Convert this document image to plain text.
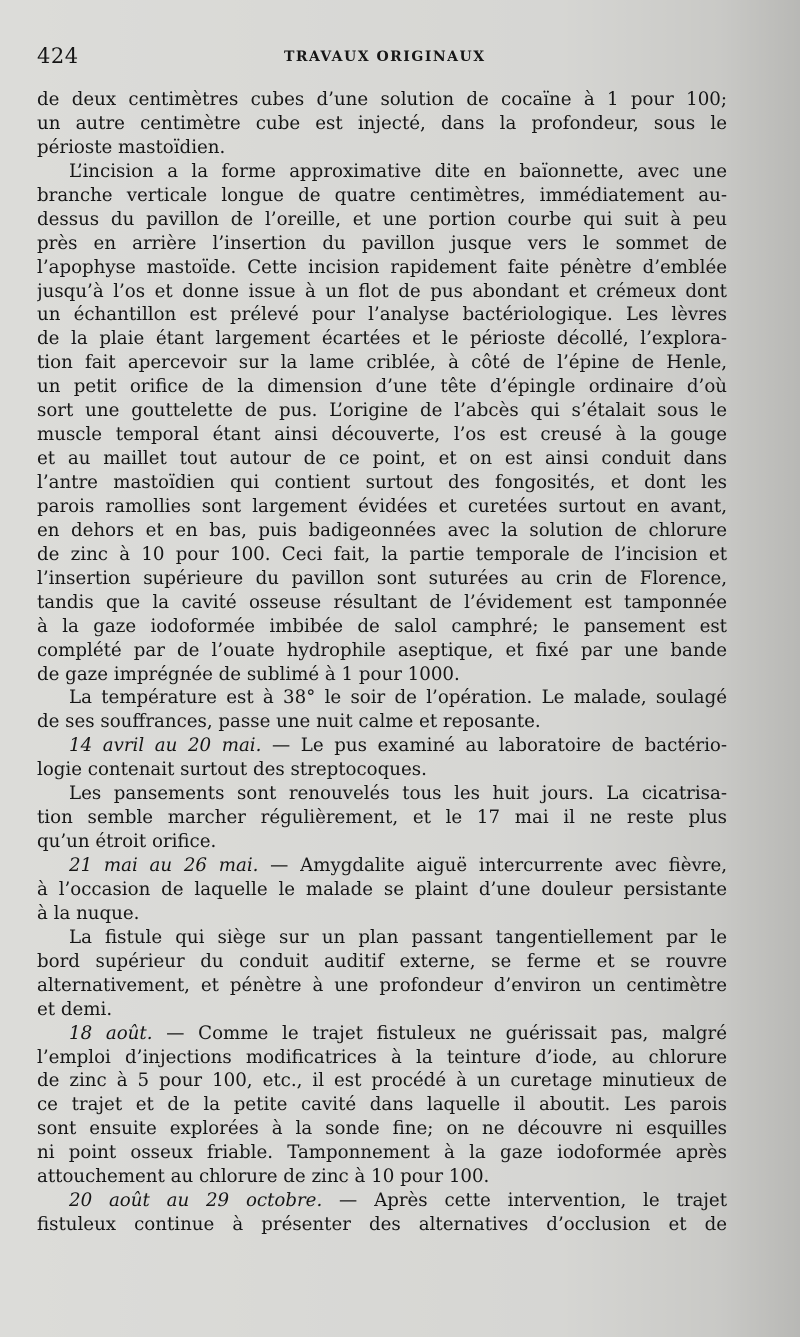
424	TRAVAUX ORIGINAUX
de deux centimètres cubes d’une solution de cocaïne à 1 pour 100;
un autre centimètre cube est injecté, dans la profondeur, sous le
périoste mastoïdien.
L’incision a la forme approximative dite en baïonnette, avec une
branche verticale longue de quatre centimètres, immédiatement au-
dessus du pavillon de l’oreille, et une portion courbe qui suit à peu
près en arrière l’insertion du pavillon jusque vers le sommet de
l’apophyse mastoïde. Cette incision rapidement faite pénètre d’emblée
jusqu’à l’os et donne issue à un flot de pus abondant et crémeux dont
un échantillon est prélevé pour l’analyse bactériologique. Les lèvres
de la plaie étant largement écartées et le périoste décollé, l’explora-
tion fait apercevoir sur la lame criblée, à côté de l’épine de Henle,
un petit orifice de la dimension d’une tête d’épingle ordinaire d’où
sort une gouttelette de pus. L’origine de l’abcès qui s’étalait sous le
muscle temporal étant ainsi découverte, l’os est creusé à la gouge
et au maillet tout autour de ce point, et on est ainsi conduit dans
l’antre mastoïdien qui contient surtout des fongosités, et dont les
parois ramollies sont largement évidées et curetées surtout en avant,
en dehors et en bas, puis badigeonnées avec la solution de chlorure
de zinc à 10 pour 100. Ceci fait, la partie temporale de l’incision et
l’insertion supérieure du pavillon sont suturées au crin de Florence,
tandis que la cavité osseuse résultant de l’évidement est tamponnée
à la gaze iodoformée imbibée de salol camphré; le pansement est
complété par de l’ouate hydrophile aseptique, et fixé par une bande
de gaze imprégnée de sublimé à 1 pour 1000.
La température est à 38° le soir de l’opération. Le malade, soulagé
de ses souffrances, passe une nuit calme et reposante.
14 avril au 20 mai. — Le pus examiné au laboratoire de bactério-
logie contenait surtout des streptocoques.
Les pansements sont renouvelés tous les huit jours. La cicatrisa-
tion semble marcher régulièrement, et le 17 mai il ne reste plus
qu’un étroit orifice.
21 mai au 26 mai. — Amygdalite aiguë intercurrente avec fièvre,
à l’occasion de laquelle le malade se plaint d’une douleur persistante
à la nuque.
La fistule qui siège sur un plan passant tangentiellement par le
bord supérieur du conduit auditif externe, se ferme et se rouvre
alternativement, et pénètre à une profondeur d’environ un centimètre
et demi.
18 août. — Comme le trajet fistuleux ne guérissait pas, malgré
l’emploi d’injections modificatrices à la teinture d’iode, au chlorure
de zinc à 5 pour 100, etc., il est procédé à un curetage minutieux de
ce trajet et de la petite cavité dans laquelle il aboutit. Les parois
sont ensuite explorées à la sonde fine; on ne découvre ni esquilles
ni point osseux friable. Tamponnement à la gaze iodoformée après
attouchement au chlorure de zinc à 10 pour 100.
20 août au 29 octobre. — Après cette intervention, le trajet
fistuleux continue à présenter des alternatives d’occlusion et de
